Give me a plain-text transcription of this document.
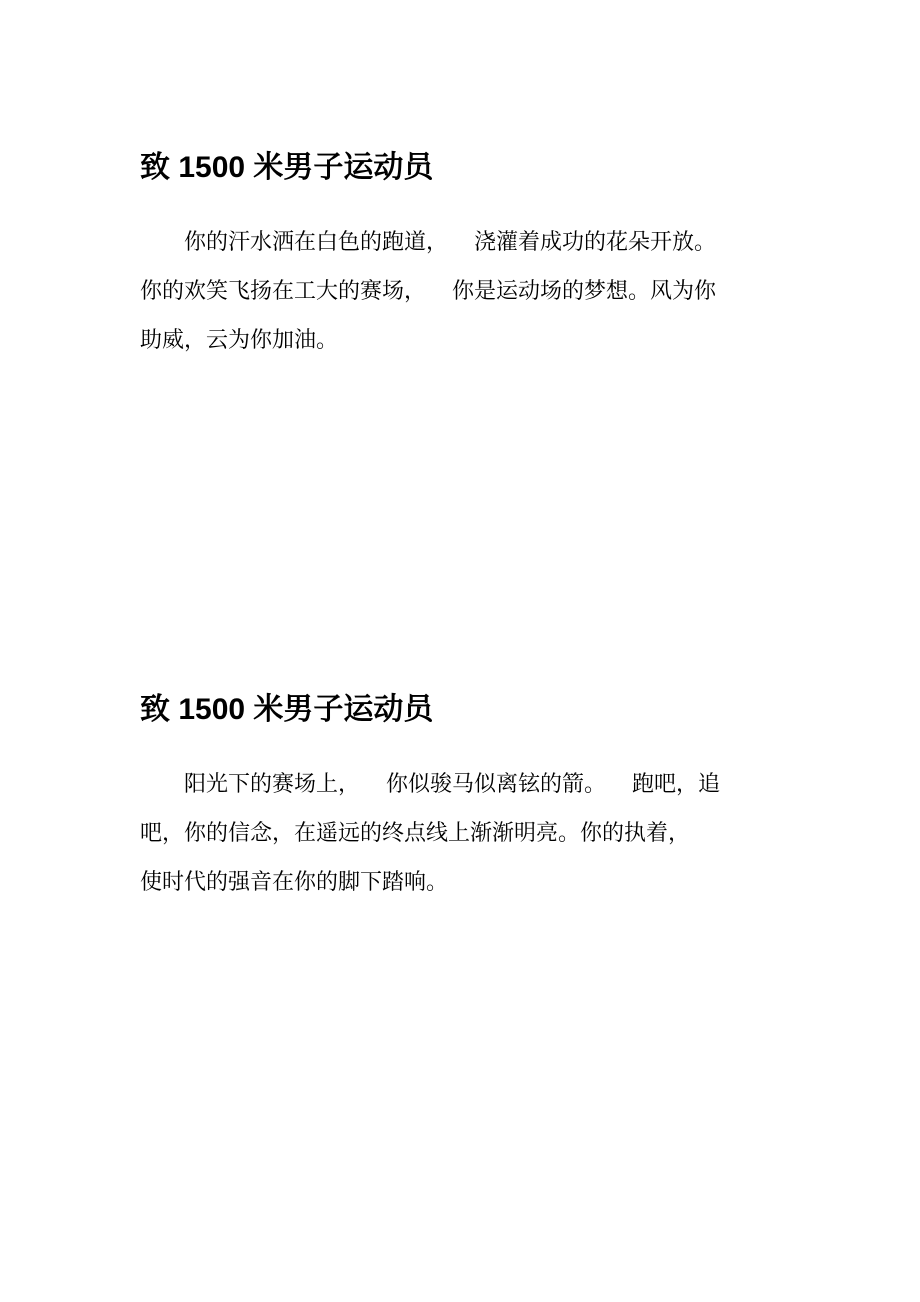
致 1500 米男子运动员
你的汗水洒在白色的跑道， 浇灌着成功的花朵开放。
你的欢笑飞扬在工大的赛场， 你是运动场的梦想。风为你
助威，云为你加油。
致 1500 米男子运动员
阳光下的赛场上， 你似骏马似离铉的箭。 跑吧，追
吧，你的信念，在遥远的终点线上渐渐明亮。你的执着，
使时代的强音在你的脚下踏响。
